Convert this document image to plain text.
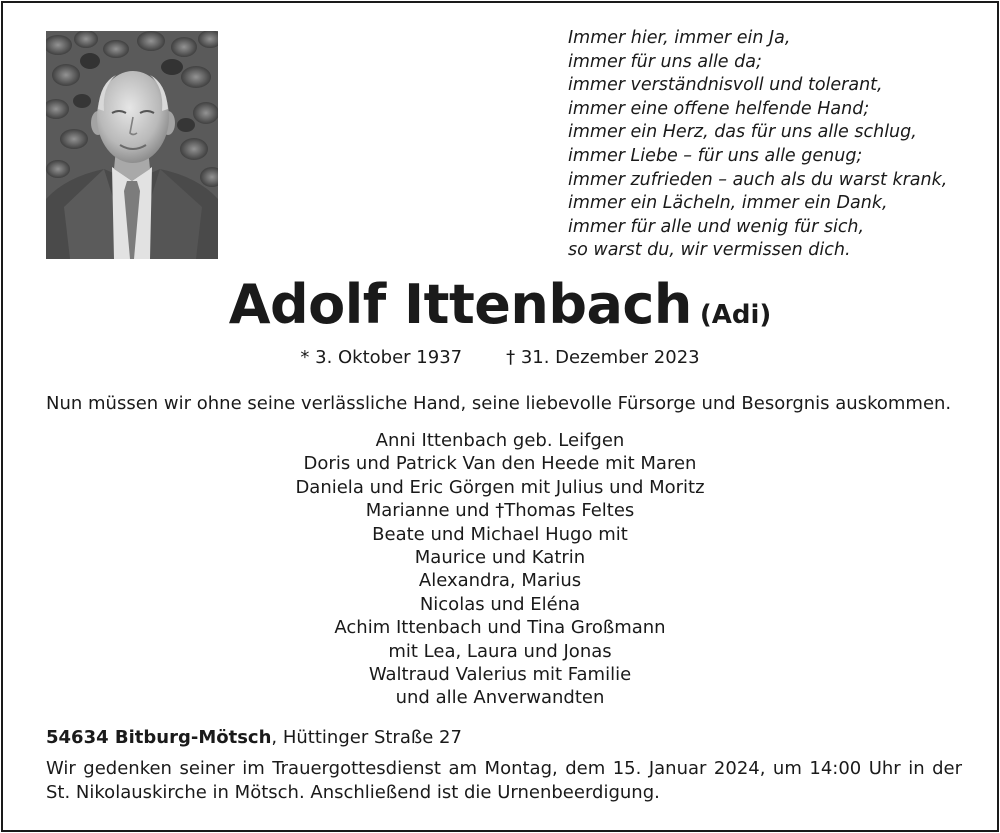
Immer hier, immer ein Ja,
immer für uns alle da;
immer verständnisvoll und tolerant,
immer eine offene helfende Hand;
immer ein Herz, das für uns alle schlug,
immer Liebe – für uns alle genug;
immer zufrieden – auch als du warst krank,
immer ein Lächeln, immer ein Dank,
immer für alle und wenig für sich,
so warst du, wir vermissen dich.
Adolf Ittenbach (Adi)
* 3. Oktober 1937 † 31. Dezember 2023
Nun müssen wir ohne seine verlässliche Hand, seine liebevolle Fürsorge und Besorgnis auskommen.
Anni Ittenbach geb. Leifgen
Doris und Patrick Van den Heede mit Maren
Daniela und Eric Görgen mit Julius und Moritz
Marianne und †Thomas Feltes
Beate und Michael Hugo mit
Maurice und Katrin
Alexandra, Marius
Nicolas und Eléna
Achim Ittenbach und Tina Großmann
mit Lea, Laura und Jonas
Waltraud Valerius mit Familie
und alle Anverwandten
54634 Bitburg-Mötsch, Hüttinger Straße 27
Wir gedenken seiner im Trauergottesdienst am Montag, dem 15. Januar 2024, um 14:00 Uhr in der St. Nikolauskirche in Mötsch. Anschließend ist die Urnenbeerdigung.
